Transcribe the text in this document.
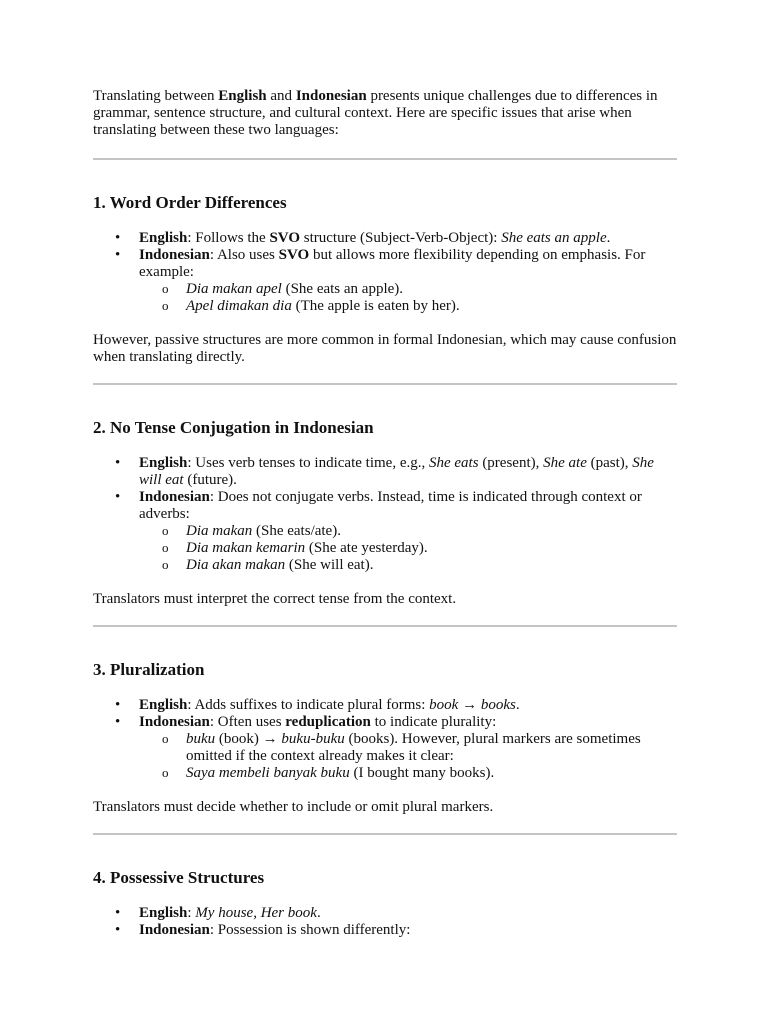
Translating between English and Indonesian presents unique challenges due to differences in grammar, sentence structure, and cultural context. Here are specific issues that arise when translating between these two languages:

1. Word Order Differences
• English: Follows the SVO structure (Subject-Verb-Object): She eats an apple.
• Indonesian: Also uses SVO but allows more flexibility depending on emphasis. For example:
o Dia makan apel (She eats an apple).
o Apel dimakan dia (The apple is eaten by her).

However, passive structures are more common in formal Indonesian, which may cause confusion when translating directly.

2. No Tense Conjugation in Indonesian
• English: Uses verb tenses to indicate time, e.g., She eats (present), She ate (past), She will eat (future).
• Indonesian: Does not conjugate verbs. Instead, time is indicated through context or adverbs:
o Dia makan (She eats/ate).
o Dia makan kemarin (She ate yesterday).
o Dia akan makan (She will eat).

Translators must interpret the correct tense from the context.

3. Pluralization
• English: Adds suffixes to indicate plural forms: book → books.
• Indonesian: Often uses reduplication to indicate plurality:
o buku (book) → buku-buku (books). However, plural markers are sometimes omitted if the context already makes it clear:
o Saya membeli banyak buku (I bought many books).

Translators must decide whether to include or omit plural markers.

4. Possessive Structures
• English: My house, Her book.
• Indonesian: Possession is shown differently:
